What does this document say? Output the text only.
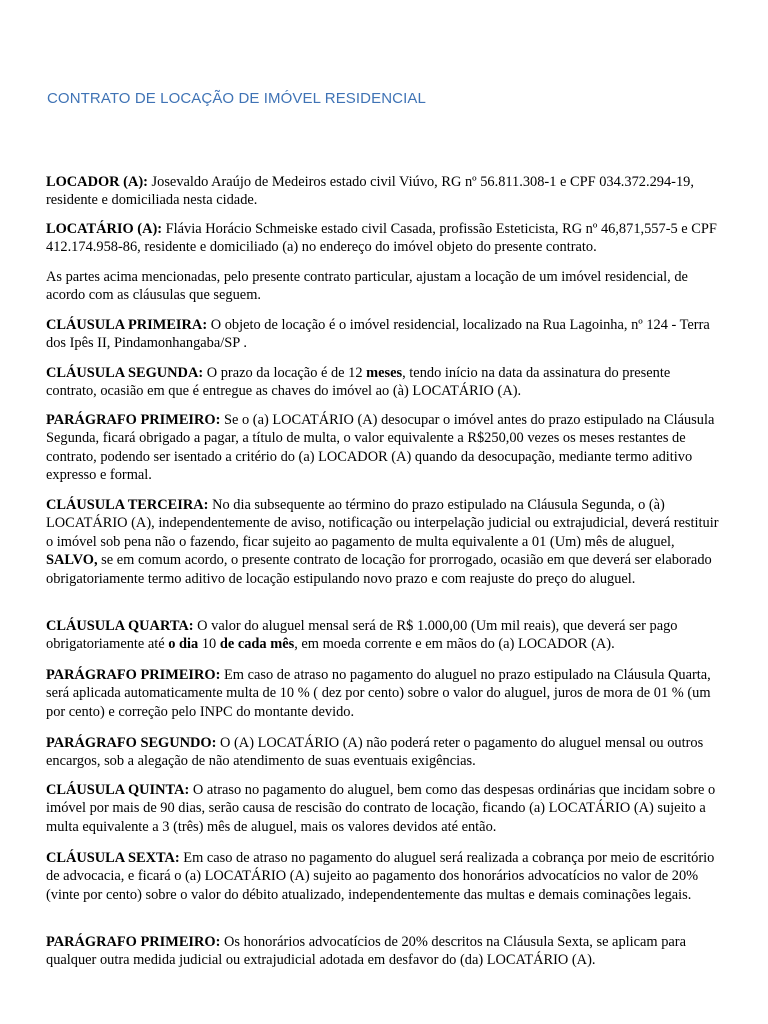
CONTRATO DE LOCAÇÃO DE IMÓVEL RESIDENCIAL
LOCADOR (A): Josevaldo Araújo de Medeiros estado civil Viúvo, RG nº 56.811.308-1 e CPF 034.372.294-19, residente e domiciliada nesta cidade.
LOCATÁRIO (A): Flávia Horácio Schmeiske estado civil Casada, profissão Esteticista, RG nº 46,871,557-5 e CPF 412.174.958-86, residente e domiciliado (a) no endereço do imóvel objeto do presente contrato.
As partes acima mencionadas, pelo presente contrato particular, ajustam a locação de um imóvel residencial, de acordo com as cláusulas que seguem.
CLÁUSULA PRIMEIRA: O objeto de locação é o imóvel residencial, localizado na Rua Lagoinha, nº 124 - Terra dos Ipês II, Pindamonhangaba/SP .
CLÁUSULA SEGUNDA: O prazo da locação é de 12 meses, tendo início na data da assinatura do presente contrato, ocasião em que é entregue as chaves do imóvel ao (à) LOCATÁRIO (A).
PARÁGRAFO PRIMEIRO: Se o (a) LOCATÁRIO (A) desocupar o imóvel antes do prazo estipulado na Cláusula Segunda, ficará obrigado a pagar, a título de multa, o valor equivalente a R$250,00 vezes os meses restantes de contrato, podendo ser isentado a critério do (a) LOCADOR (A) quando da desocupação, mediante termo aditivo expresso e formal.
CLÁUSULA TERCEIRA: No dia subsequente ao término do prazo estipulado na Cláusula Segunda, o (à) LOCATÁRIO (A), independentemente de aviso, notificação ou interpelação judicial ou extrajudicial, deverá restituir o imóvel sob pena não o fazendo, ficar sujeito ao pagamento de multa equivalente a 01 (Um) mês de aluguel, SALVO, se em comum acordo, o presente contrato de locação for prorrogado, ocasião em que deverá ser elaborado obrigatoriamente termo aditivo de locação estipulando novo prazo e com reajuste do preço do aluguel.
CLÁUSULA QUARTA: O valor do aluguel mensal será de R$ 1.000,00 (Um mil reais), que deverá ser pago obrigatoriamente até o dia 10 de cada mês, em moeda corrente e em mãos do (a) LOCADOR (A).
PARÁGRAFO PRIMEIRO: Em caso de atraso no pagamento do aluguel no prazo estipulado na Cláusula Quarta, será aplicada automaticamente multa de 10 % ( dez por cento) sobre o valor do aluguel, juros de mora de 01 % (um por cento) e correção pelo INPC do montante devido.
PARÁGRAFO SEGUNDO: O (A) LOCATÁRIO (A) não poderá reter o pagamento do aluguel mensal ou outros encargos, sob a alegação de não atendimento de suas eventuais exigências.
CLÁUSULA QUINTA: O atraso no pagamento do aluguel, bem como das despesas ordinárias que incidam sobre o imóvel por mais de 90 dias, serão causa de rescisão do contrato de locação, ficando (a) LOCATÁRIO (A) sujeito a multa equivalente a 3 (três) mês de aluguel, mais os valores devidos até então.
CLÁUSULA SEXTA: Em caso de atraso no pagamento do aluguel será realizada a cobrança por meio de escritório de advocacia, e ficará o (a) LOCATÁRIO (A) sujeito ao pagamento dos honorários advocatícios no valor de 20% (vinte por cento) sobre o valor do débito atualizado, independentemente das multas e demais cominações legais.
PARÁGRAFO PRIMEIRO: Os honorários advocatícios de 20% descritos na Cláusula Sexta, se aplicam para qualquer outra medida judicial ou extrajudicial adotada em desfavor do (da) LOCATÁRIO (A).
